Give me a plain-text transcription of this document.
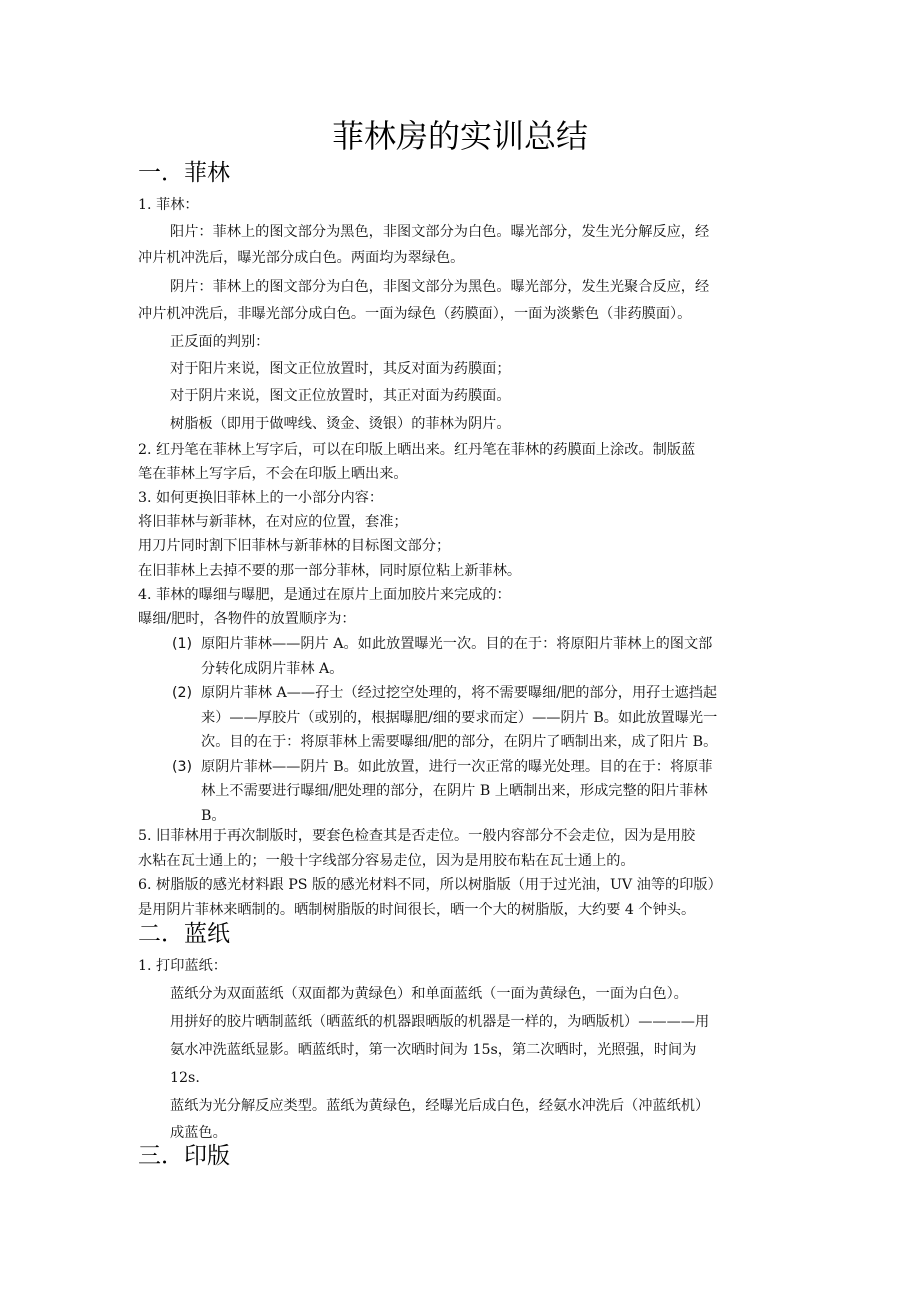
菲林房的实训总结
一．菲林
1. 菲林：
阳片：菲林上的图文部分为黑色，非图文部分为白色。曝光部分，发生光分解反应，经
冲片机冲洗后，曝光部分成白色。两面均为翠绿色。
阴片：菲林上的图文部分为白色，非图文部分为黑色。曝光部分，发生光聚合反应，经
冲片机冲洗后，非曝光部分成白色。一面为绿色（药膜面），一面为淡紫色（非药膜面）。
正反面的判别：
对于阳片来说，图文正位放置时，其反对面为药膜面；
对于阴片来说，图文正位放置时，其正对面为药膜面。
树脂板（即用于做啤线、烫金、烫银）的菲林为阴片。
2. 红丹笔在菲林上写字后，可以在印版上晒出来。红丹笔在菲林的药膜面上涂改。制版蓝
笔在菲林上写字后，不会在印版上晒出来。
3. 如何更换旧菲林上的一小部分内容：
将旧菲林与新菲林，在对应的位置，套准；
用刀片同时割下旧菲林与新菲林的目标图文部分；
在旧菲林上去掉不要的那一部分菲林，同时原位粘上新菲林。
4. 菲林的曝细与曝肥，是通过在原片上面加胶片来完成的：
曝细/肥时，各物件的放置顺序为：
(1) 原阳片菲林——阴片 A。如此放置曝光一次。目的在于：将原阳片菲林上的图文部
分转化成阴片菲林 A。
(2) 原阴片菲林 A——孖士（经过挖空处理的，将不需要曝细/肥的部分，用孖士遮挡起
来）——厚胶片（或别的，根据曝肥/细的要求而定）——阴片 B。如此放置曝光一
次。目的在于：将原菲林上需要曝细/肥的部分，在阴片了晒制出来，成了阳片 B。
(3) 原阴片菲林——阴片 B。如此放置，进行一次正常的曝光处理。目的在于：将原菲
林上不需要进行曝细/肥处理的部分，在阴片 B 上晒制出来，形成完整的阳片菲林
B。
5. 旧菲林用于再次制版时，要套色检查其是否走位。一般内容部分不会走位，因为是用胶
水粘在瓦士通上的；一般十字线部分容易走位，因为是用胶布粘在瓦士通上的。
6. 树脂版的感光材料跟 PS 版的感光材料不同，所以树脂版（用于过光油，UV 油等的印版）
是用阴片菲林来晒制的。晒制树脂版的时间很长，晒一个大的树脂版，大约要 4 个钟头。
二．蓝纸
1. 打印蓝纸：
蓝纸分为双面蓝纸（双面都为黄绿色）和单面蓝纸（一面为黄绿色，一面为白色）。
用拼好的胶片晒制蓝纸（晒蓝纸的机器跟晒版的机器是一样的，为晒版机）————用
氨水冲洗蓝纸显影。晒蓝纸时，第一次晒时间为 15s，第二次晒时，光照强，时间为
12s.
蓝纸为光分解反应类型。蓝纸为黄绿色，经曝光后成白色，经氨水冲洗后（冲蓝纸机）
成蓝色。
三．印版
